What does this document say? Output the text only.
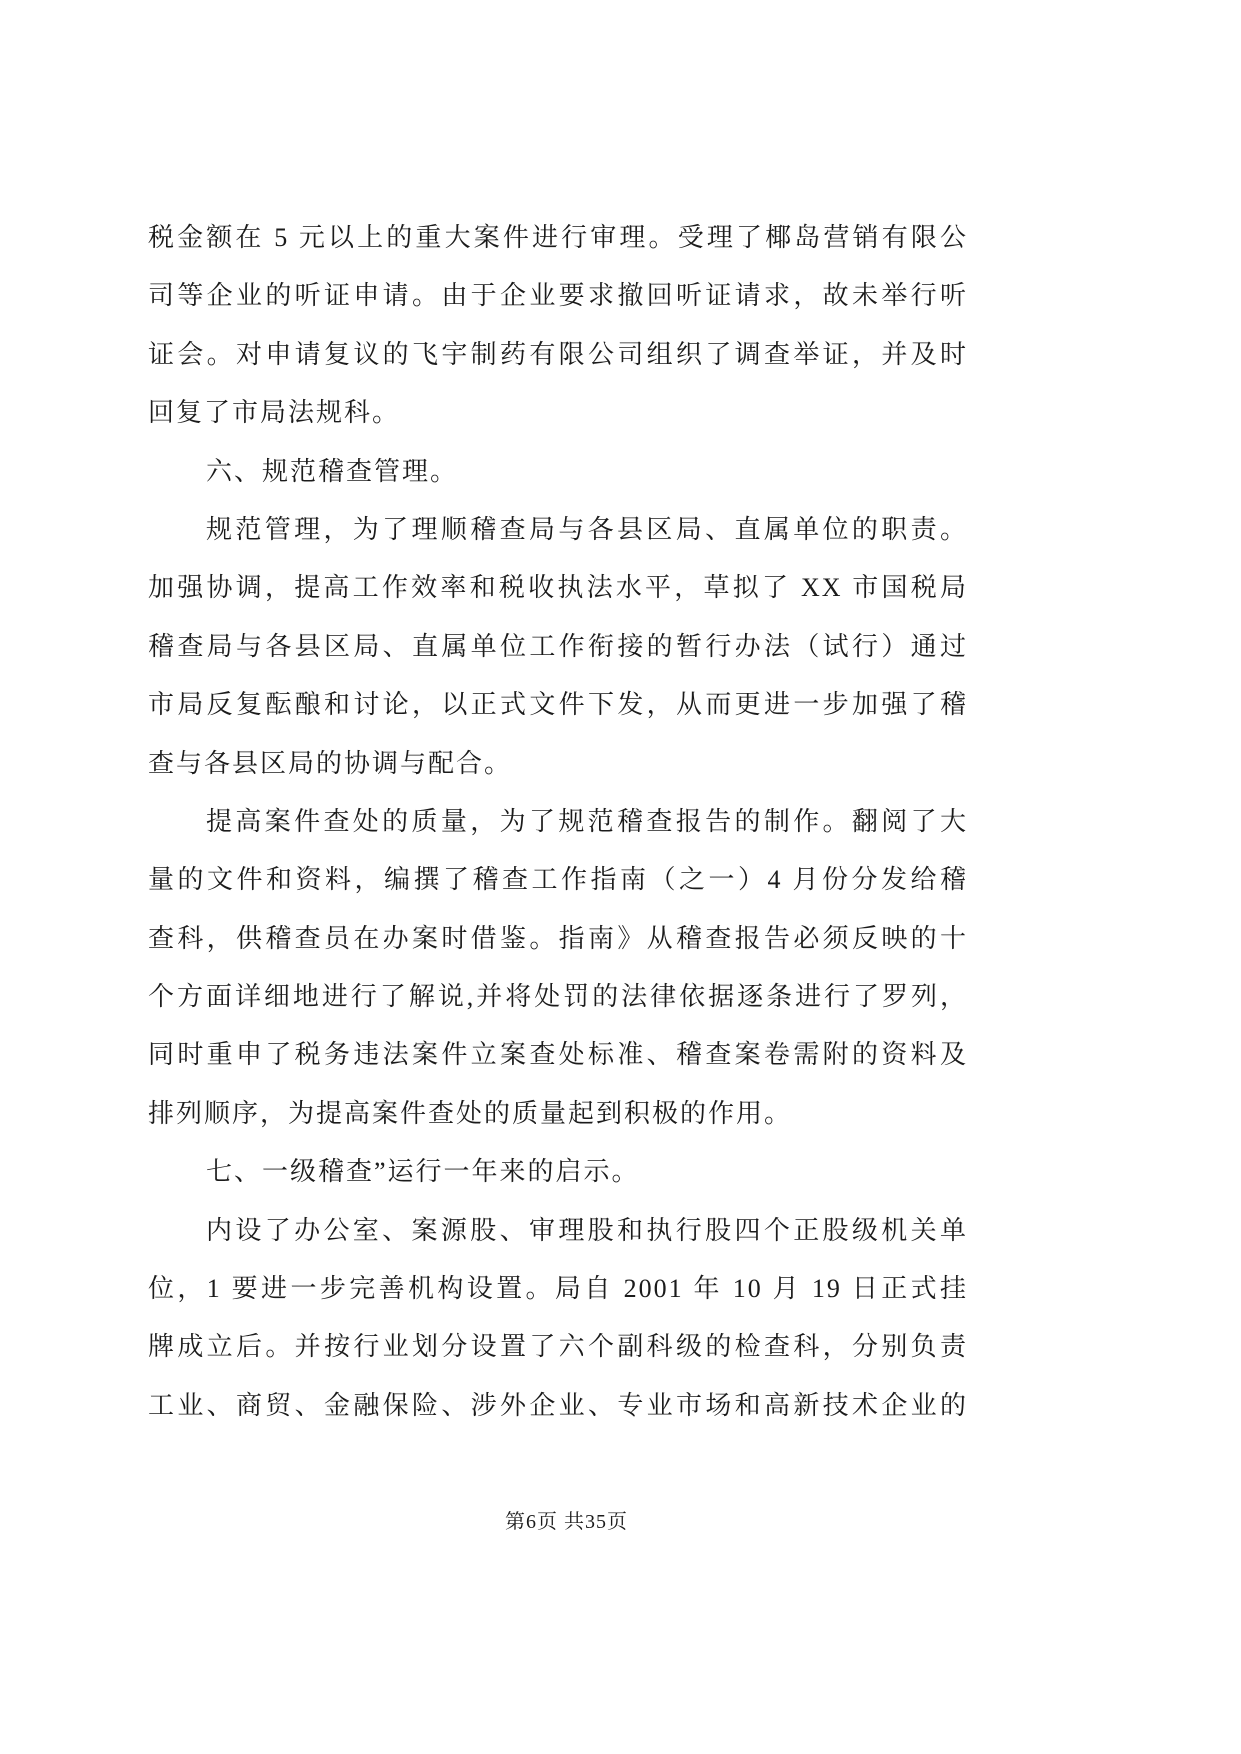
税金额在 5 元以上的重大案件进行审理。受理了椰岛营销有限公
司等企业的听证申请。由于企业要求撤回听证请求，故未举行听
证会。对申请复议的飞宇制药有限公司组织了调查举证，并及时
回复了市局法规科。
六、规范稽查管理。
规范管理，为了理顺稽查局与各县区局、直属单位的职责。
加强协调，提高工作效率和税收执法水平，草拟了 XX 市国税局
稽查局与各县区局、直属单位工作衔接的暂行办法（试行）通过
市局反复酝酿和讨论，以正式文件下发，从而更进一步加强了稽
查与各县区局的协调与配合。
提高案件查处的质量，为了规范稽查报告的制作。翻阅了大
量的文件和资料，编撰了稽查工作指南（之一）4 月份分发给稽
查科，供稽查员在办案时借鉴。指南》从稽查报告必须反映的十
个方面详细地进行了解说,并将处罚的法律依据逐条进行了罗列，
同时重申了税务违法案件立案查处标准、稽查案卷需附的资料及
排列顺序，为提高案件查处的质量起到积极的作用。
七、一级稽查”运行一年来的启示。
内设了办公室、案源股、审理股和执行股四个正股级机关单
位，1 要进一步完善机构设置。局自 2001 年 10 月 19 日正式挂
牌成立后。并按行业划分设置了六个副科级的检查科，分别负责
工业、商贸、金融保险、涉外企业、专业市场和高新技术企业的
第6页 共35页
